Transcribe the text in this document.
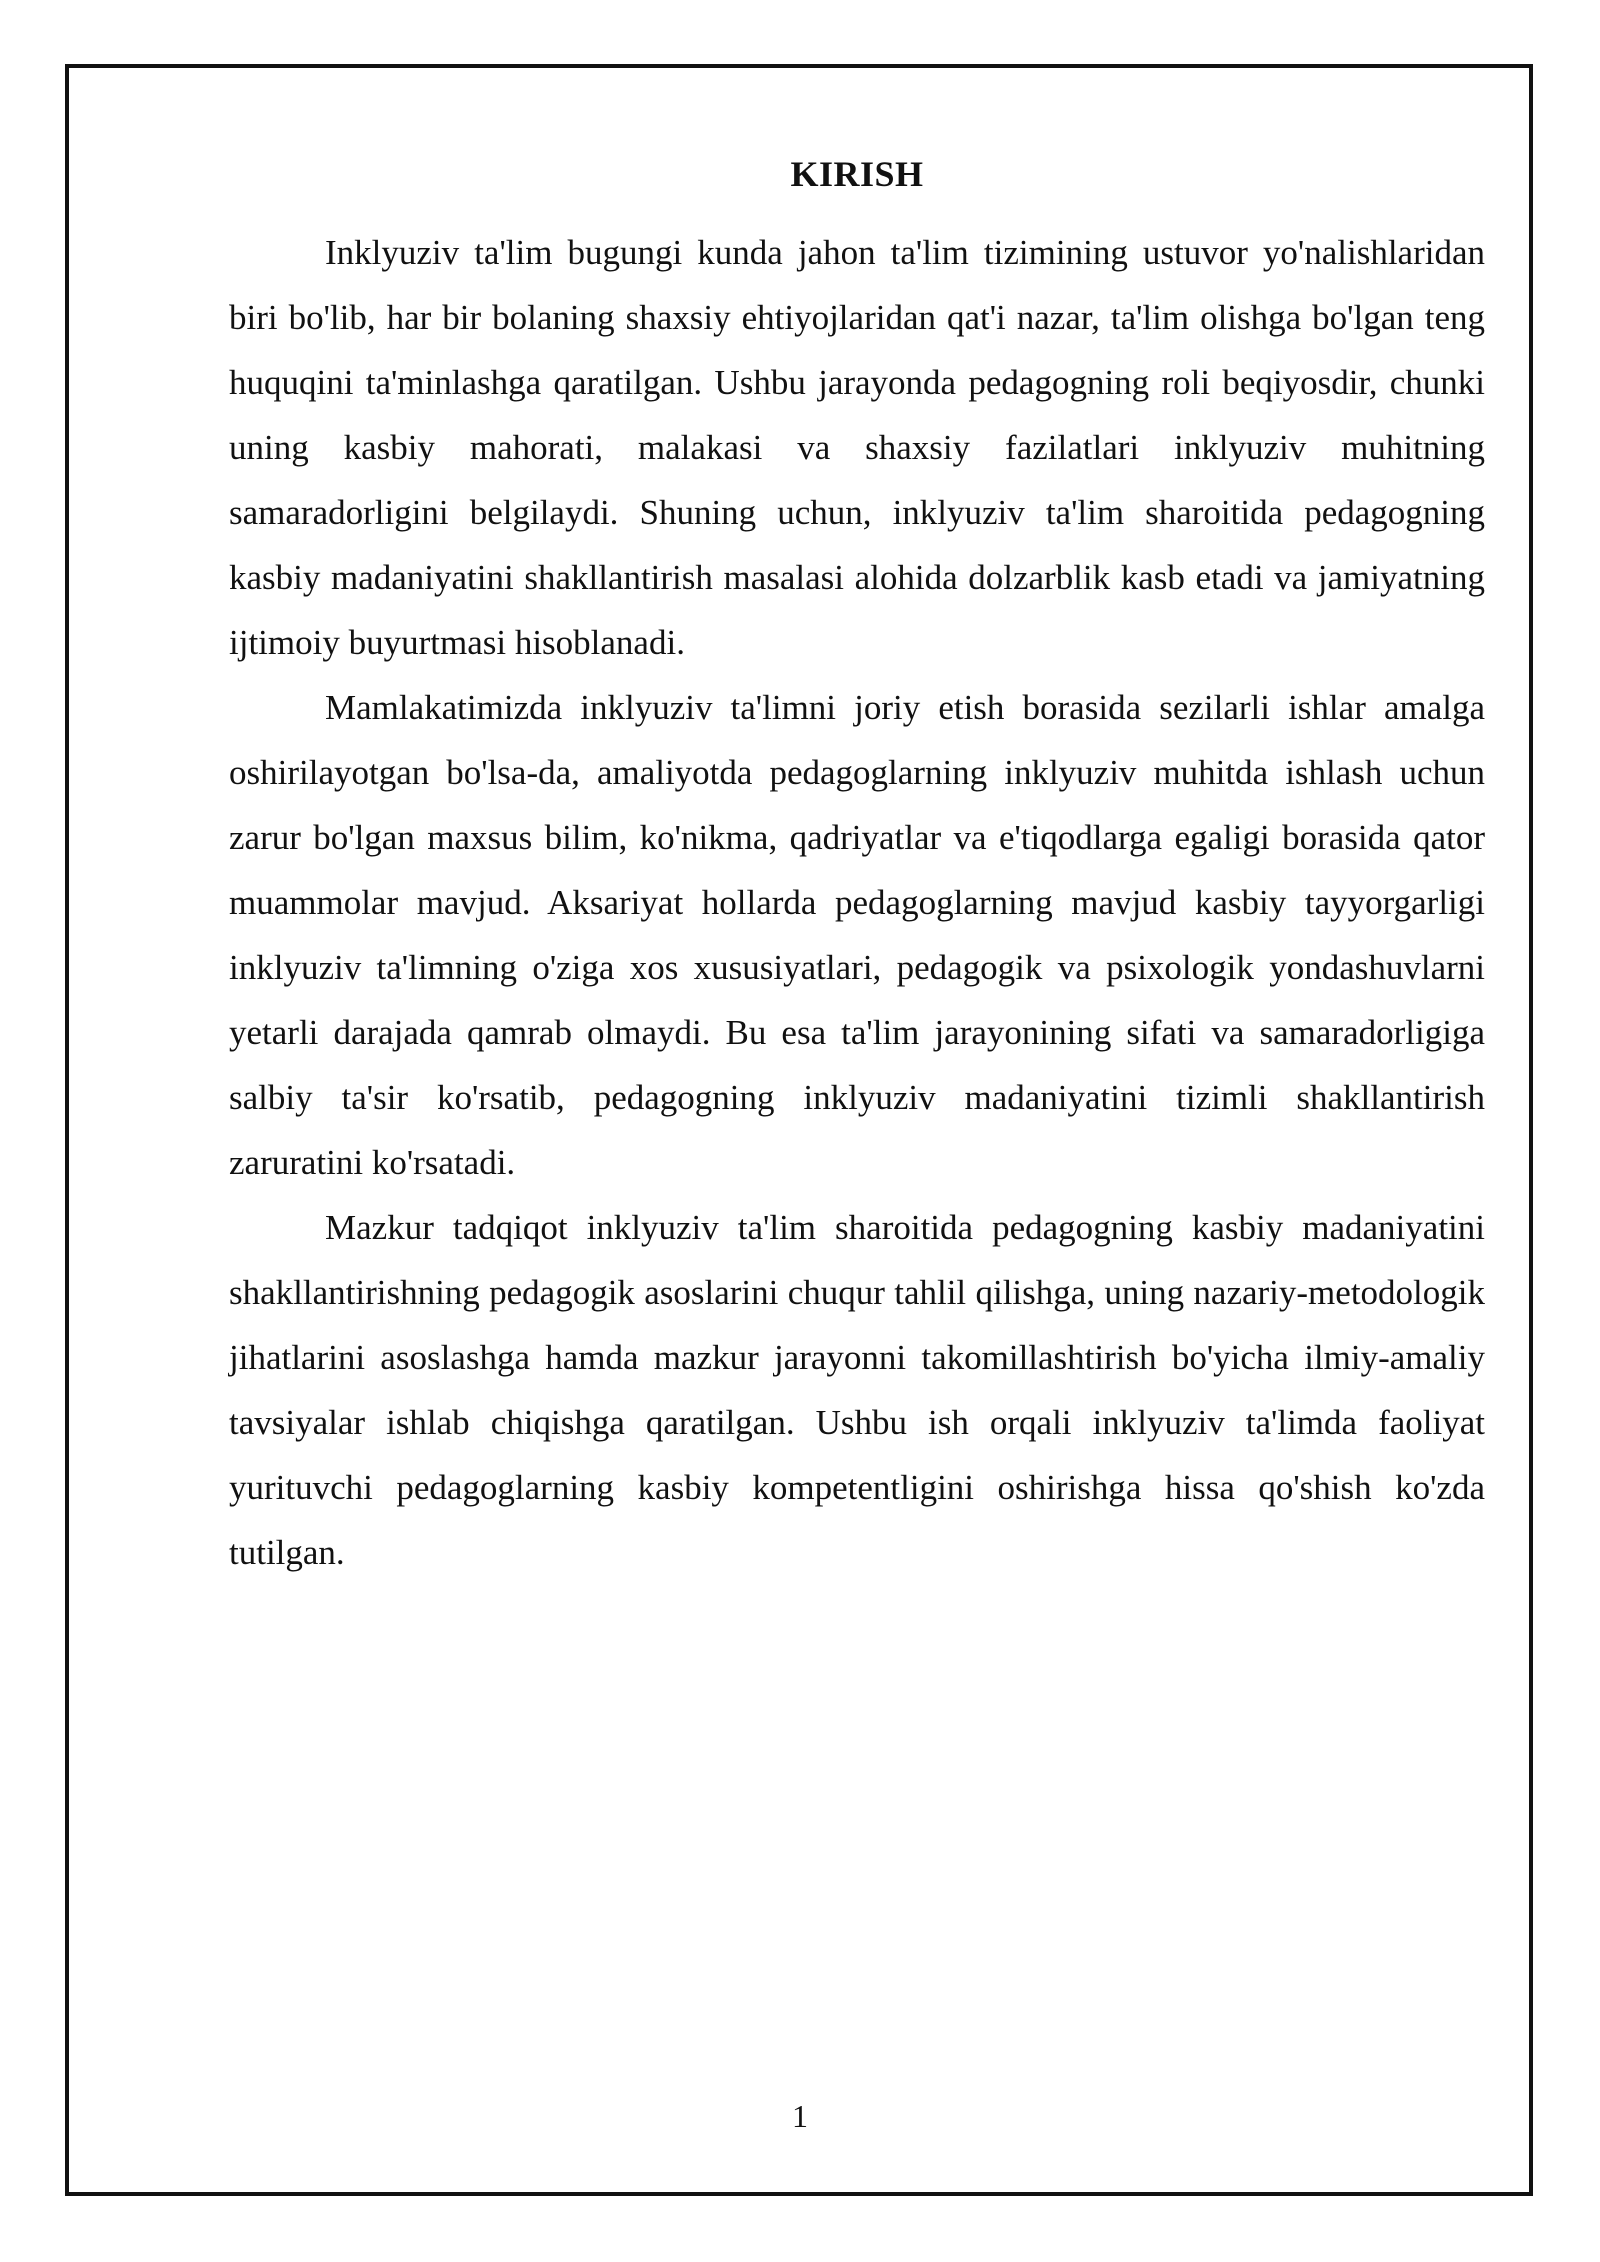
KIRISH

Inklyuziv ta'lim bugungi kunda jahon ta'lim tizimining ustuvor yo'nalishlaridan biri bo'lib, har bir bolaning shaxsiy ehtiyojlaridan qat'i nazar, ta'lim olishga bo'lgan teng huquqini ta'minlashga qaratilgan. Ushbu jarayonda pedagogning roli beqiyosdir, chunki uning kasbiy mahorati, malakasi va shaxsiy fazilatlari inklyuziv muhitning samaradorligini belgilaydi. Shuning uchun, inklyuziv ta'lim sharoitida pedagogning kasbiy madaniyatini shakllantirish masalasi alohida dolzarblik kasb etadi va jamiyatning ijtimoiy buyurtmasi hisoblanadi.

Mamlakatimizda inklyuziv ta'limni joriy etish borasida sezilarli ishlar amalga oshirilayotgan bo'lsa-da, amaliyotda pedagoglarning inklyuziv muhitda ishlash uchun zarur bo'lgan maxsus bilim, ko'nikma, qadriyatlar va e'tiqodlarga egaligi borasida qator muammolar mavjud. Aksariyat hollarda pedagoglarning mavjud kasbiy tayyorgarligi inklyuziv ta'limning o'ziga xos xususiyatlari, pedagogik va psixologik yondashuvlarni yetarli darajada qamrab olmaydi. Bu esa ta'lim jarayonining sifati va samaradorligiga salbiy ta'sir ko'rsatib, pedagogning inklyuziv madaniyatini tizimli shakllantirish zaruratini ko'rsatadi.

Mazkur tadqiqot inklyuziv ta'lim sharoitida pedagogning kasbiy madaniyatini shakllantirishning pedagogik asoslarini chuqur tahlil qilishga, uning nazariy-metodologik jihatlarini asoslashga hamda mazkur jarayonni takomillashtirish bo'yicha ilmiy-amaliy tavsiyalar ishlab chiqishga qaratilgan. Ushbu ish orqali inklyuziv ta'limda faoliyat yurituvchi pedagoglarning kasbiy kompetentligini oshirishga hissa qo'shish ko'zda tutilgan.

1
